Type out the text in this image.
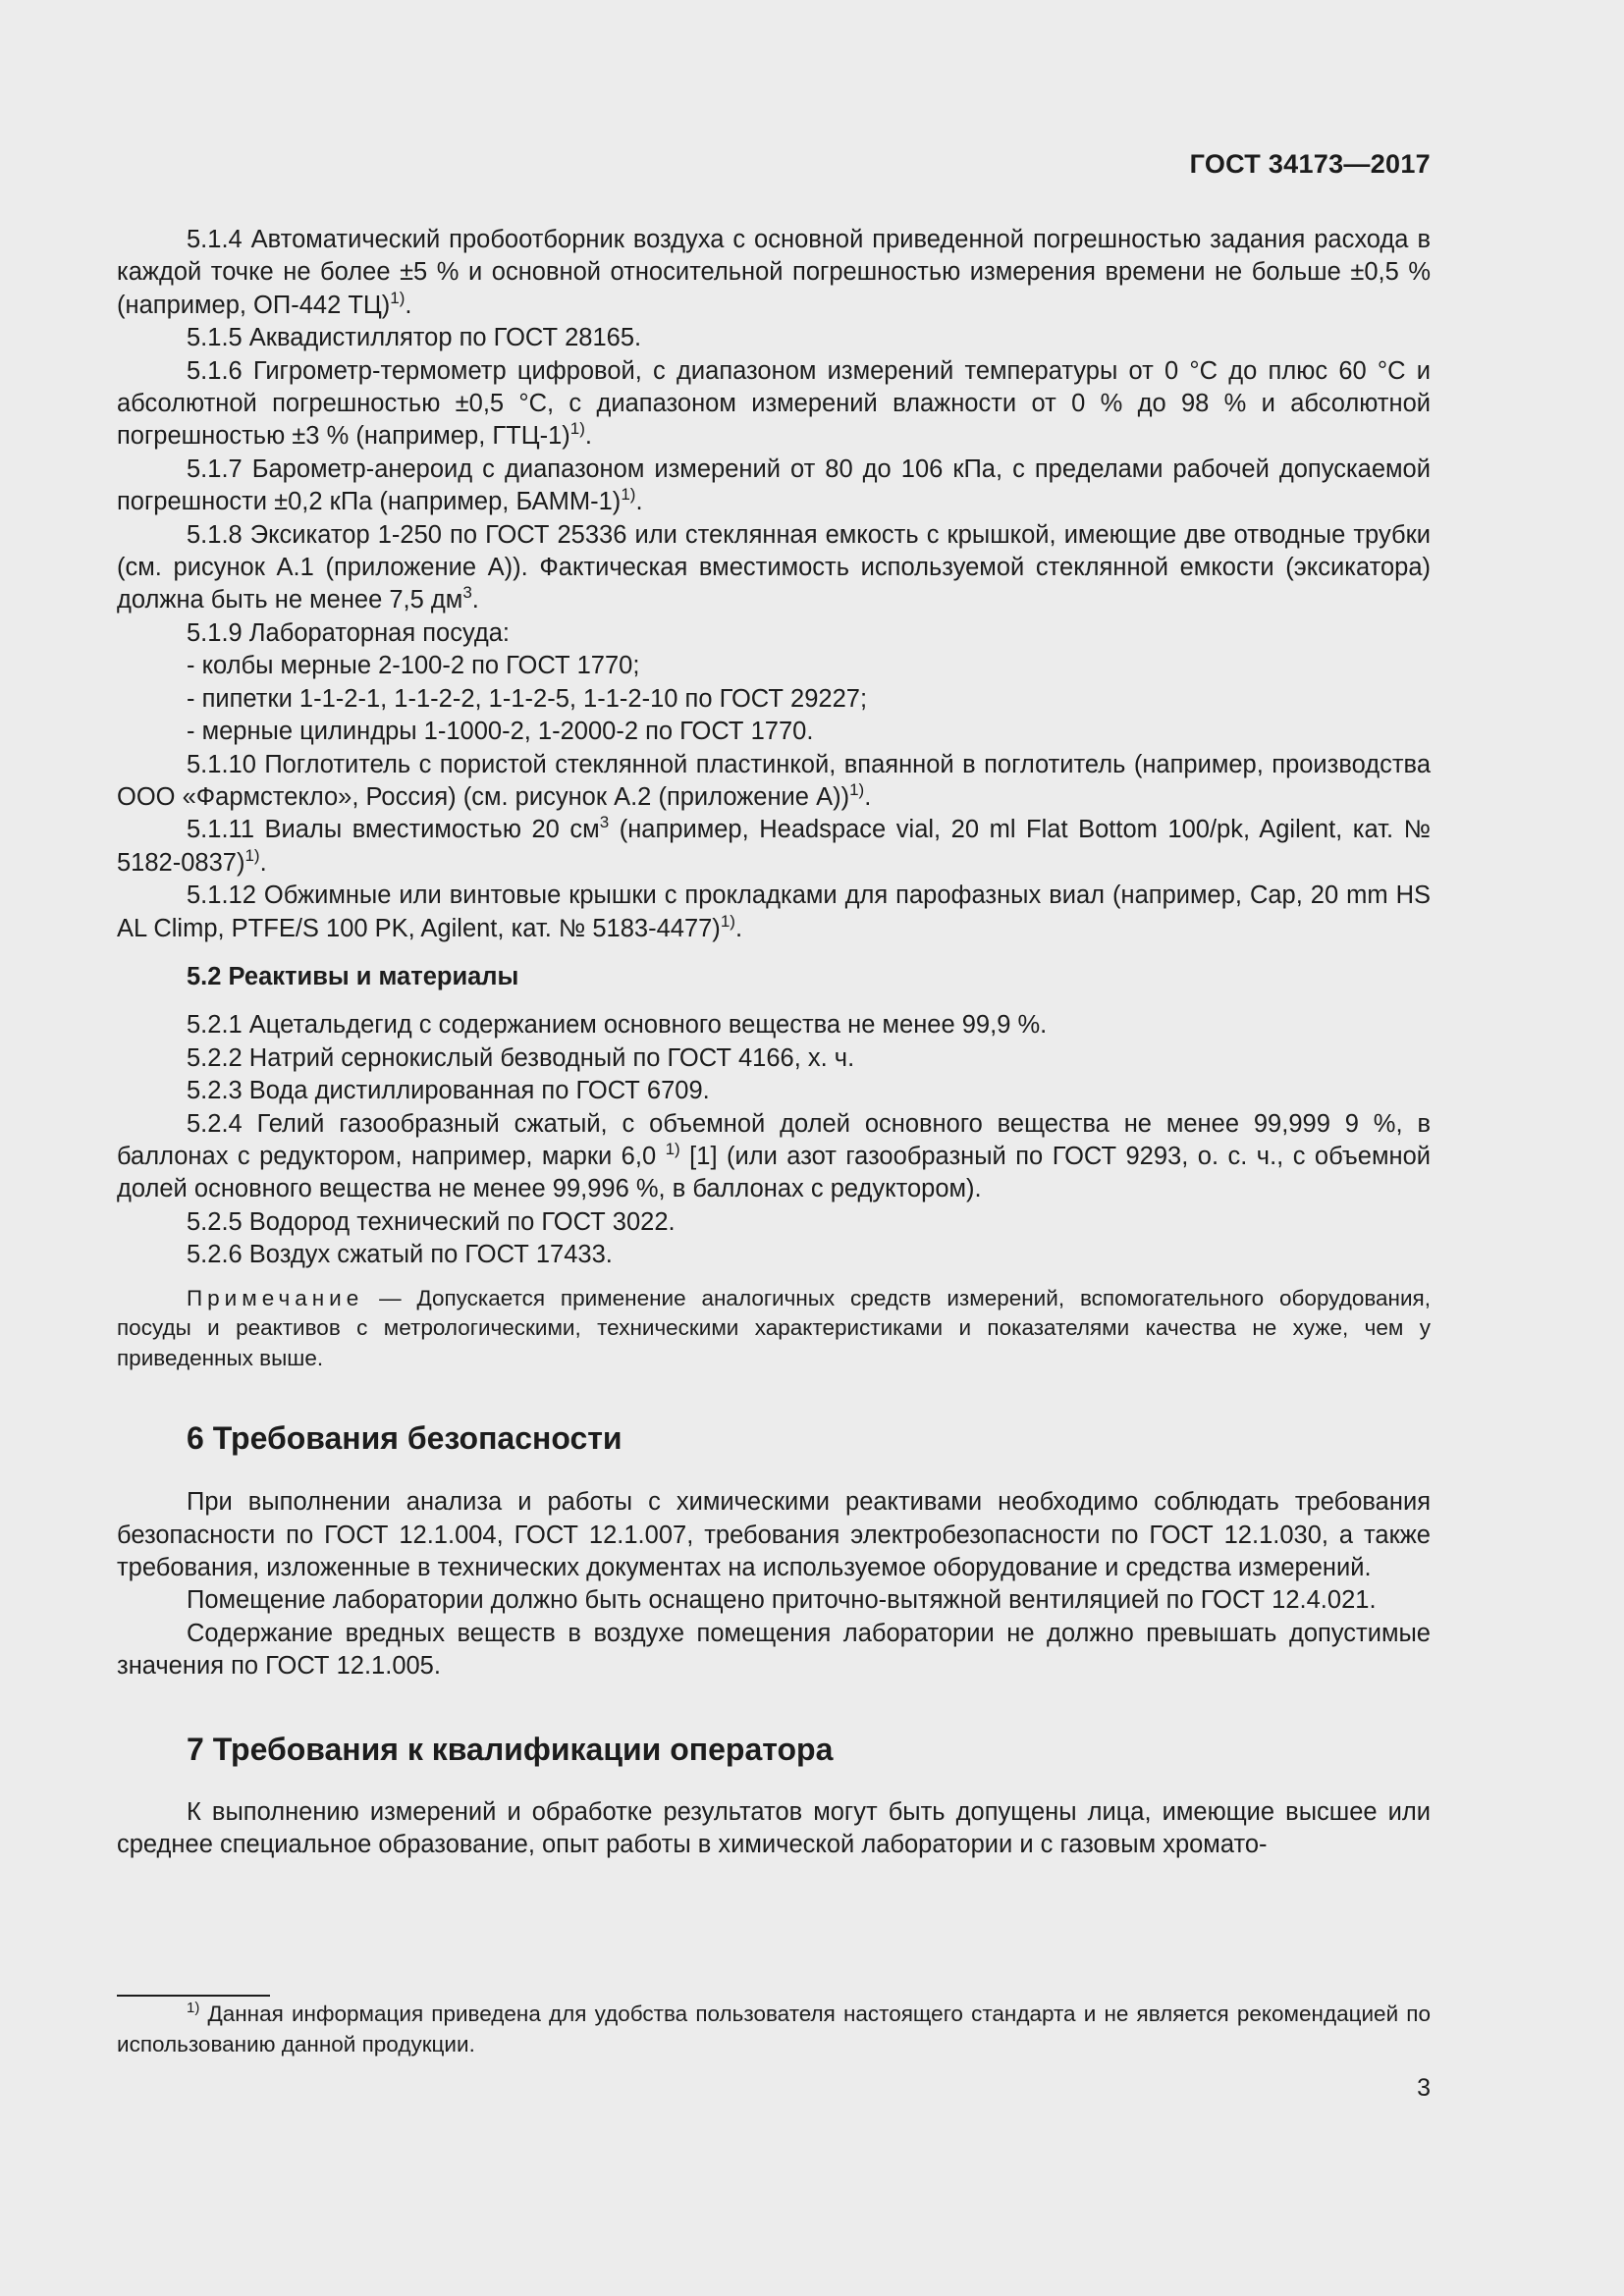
ГОСТ 34173—2017

5.1.4 Автоматический пробоотборник воздуха с основной приведенной погрешностью задания расхода в каждой точке не более ±5 % и основной относительной погрешностью измерения времени не больше ±0,5 % (например, ОП-442 ТЦ)$^{1)}$.

5.1.5 Аквадистиллятор по ГОСТ 28165.

5.1.6 Гигрометр-термометр цифровой, с диапазоном измерений температуры от 0 °C до плюс 60 °C и абсолютной погрешностью ±0,5 °C, с диапазоном измерений влажности от 0 % до 98 % и абсолютной погрешностью ±3 % (например, ГТЦ-1)$^{1)}$.

5.1.7 Барометр-анероид с диапазоном измерений от 80 до 106 кПа, с пределами рабочей допускаемой погрешности ±0,2 кПа (например, БАММ-1)$^{1)}$.

5.1.8 Эксикатор 1-250 по ГОСТ 25336 или стеклянная емкость с крышкой, имеющие две отводные трубки (см. рисунок А.1 (приложение А)). Фактическая вместимость используемой стеклянной емкости (эксикатора) должна быть не менее 7,5 $дм^3$.

5.1.9 Лабораторная посуда:

- колбы мерные 2-100-2 по ГОСТ 1770;

- пипетки 1-1-2-1, 1-1-2-2, 1-1-2-5, 1-1-2-10 по ГОСТ 29227;

- мерные цилиндры 1-1000-2, 1-2000-2 по ГОСТ 1770.

5.1.10 Поглотитель с пористой стеклянной пластинкой, впаянной в поглотитель (например, производства ООО «Фармстекло», Россия) (см. рисунок А.2 (приложение А))$^{1)}$.

5.1.11 Виалы вместимостью 20 $см^3$ (например, Headspace vial, 20 ml Flat Bottom 100/pk, Agilent, кат. № 5182-0837)$^{1)}$.

5.1.12 Обжимные или винтовые крышки с прокладками для парофазных виал (например, Cap, 20 mm HS AL Climp, PTFE/S 100 PK, Agilent, кат. № 5183-4477)$^{1)}$.

5.2 Реактивы и материалы

5.2.1 Ацетальдегид с содержанием основного вещества не менее 99,9 %.

5.2.2 Натрий сернокислый безводный по ГОСТ 4166, х. ч.

5.2.3 Вода дистиллированная по ГОСТ 6709.

5.2.4 Гелий газообразный сжатый, с объемной долей основного вещества не менее 99,999 9 %, в баллонах с редуктором, например, марки 6,0 $^{1)}$ [1] (или азот газообразный по ГОСТ 9293, о. с. ч., с объемной долей основного вещества не менее 99,996 %, в баллонах с редуктором).

5.2.5 Водород технический по ГОСТ 3022.

5.2.6 Воздух сжатый по ГОСТ 17433.

Примечание — Допускается применение аналогичных средств измерений, вспомогательного оборудования, посуды и реактивов с метрологическими, техническими характеристиками и показателями качества не хуже, чем у приведенных выше.

6 Требования безопасности

При выполнении анализа и работы с химическими реактивами необходимо соблюдать требования безопасности по ГОСТ 12.1.004, ГОСТ 12.1.007, требования электробезопасности по ГОСТ 12.1.030, а также требования, изложенные в технических документах на используемое оборудование и средства измерений.

Помещение лаборатории должно быть оснащено приточно-вытяжной вентиляцией по ГОСТ 12.4.021.

Содержание вредных веществ в воздухе помещения лаборатории не должно превышать допустимые значения по ГОСТ 12.1.005.

7 Требования к квалификации оператора

К выполнению измерений и обработке результатов могут быть допущены лица, имеющие высшее или среднее специальное образование, опыт работы в химической лаборатории и с газовым хромато-

$^{1)}$ Данная информация приведена для удобства пользователя настоящего стандарта и не является рекомендацией по использованию данной продукции.

3
